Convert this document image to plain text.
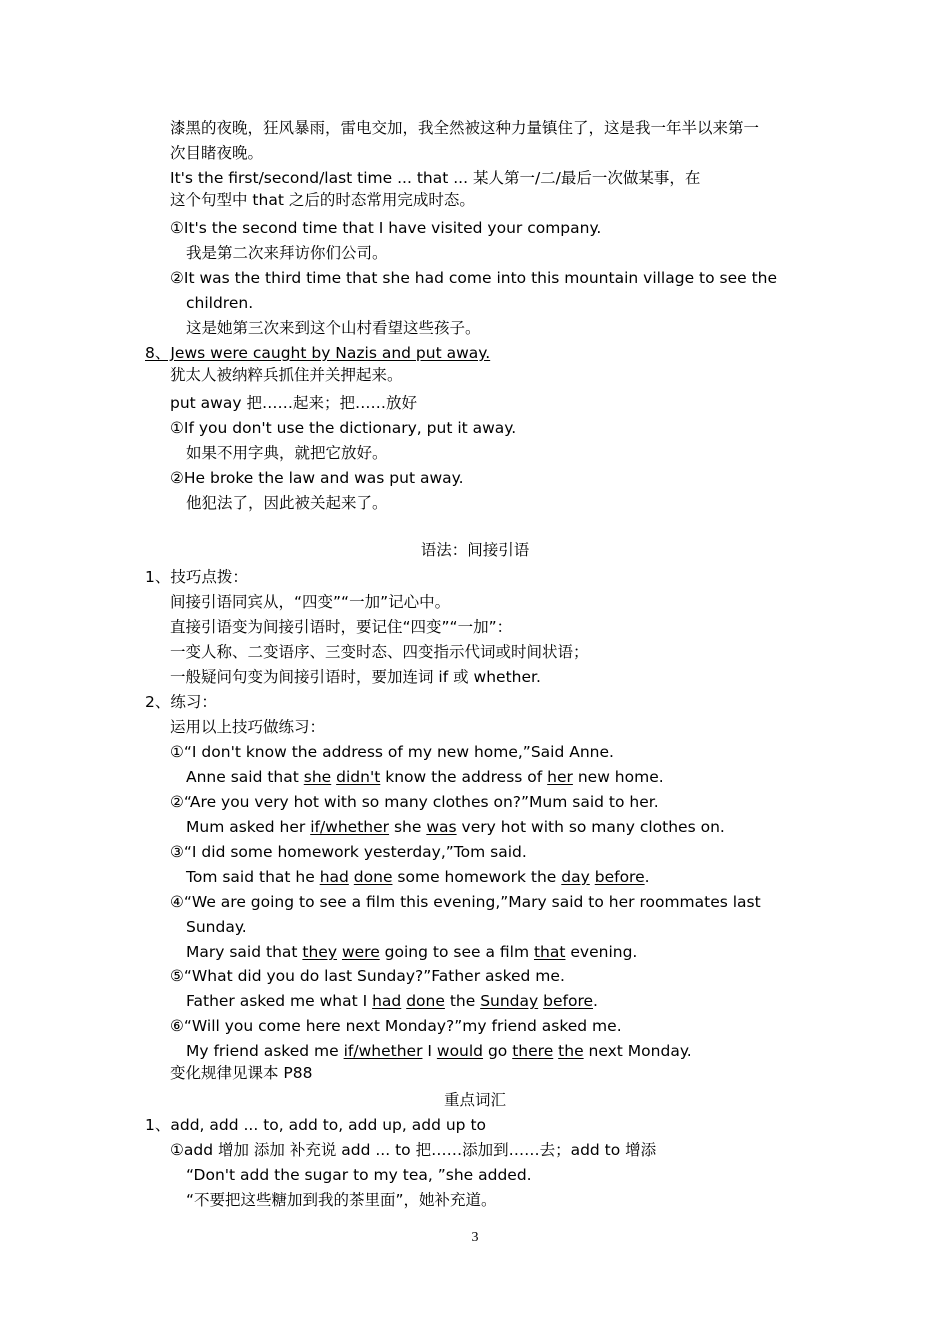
漆黑的夜晚，狂风暴雨，雷电交加，我全然被这种力量镇住了，这是我一年半以来第一
次目睹夜晚。
It's the first/second/last time ... that ... 某人第一/二/最后一次做某事，在
这个句型中 that 之后的时态常用完成时态。
①It's the second time that I have visited your company.
我是第二次来拜访你们公司。
②It was the third time that she had come into this mountain village to see the
children.
这是她第三次来到这个山村看望这些孩子。
8、Jews were caught by Nazis and put away.
犹太人被纳粹兵抓住并关押起来。
put away 把……起来；把……放好
①If you don't use the dictionary, put it away.
如果不用字典，就把它放好。
②He broke the law and was put away.
他犯法了，因此被关起来了。
语法：间接引语
1、技巧点拨：
间接引语同宾从，“四变”“一加”记心中。
直接引语变为间接引语时，要记住“四变”“一加”：
一变人称、二变语序、三变时态、四变指示代词或时间状语；
一般疑问句变为间接引语时，要加连词 if 或 whether.
2、练习：
运用以上技巧做练习：
①“I don't know the address of my new home,”Said Anne.
Anne said that she didn't know the address of her new home.
②“Are you very hot with so many clothes on?”Mum said to her.
Mum asked her if/whether she was very hot with so many clothes on.
③“I did some homework yesterday,”Tom said.
Tom said that he had done some homework the day before.
④“We are going to see a film this evening,”Mary said to her roommates last
Sunday.
Mary said that they were going to see a film that evening.
⑤“What did you do last Sunday?”Father asked me.
Father asked me what I had done the Sunday before.
⑥“Will you come here next Monday?”my friend asked me.
My friend asked me if/whether I would go there the next Monday.
变化规律见课本 P88
重点词汇
1、add, add ... to, add to, add up, add up to
①add 增加 添加 补充说 add ... to 把……添加到……去；add to 增添
“Don't add the sugar to my tea, ”she added.
“不要把这些糖加到我的茶里面”，她补充道。
3
